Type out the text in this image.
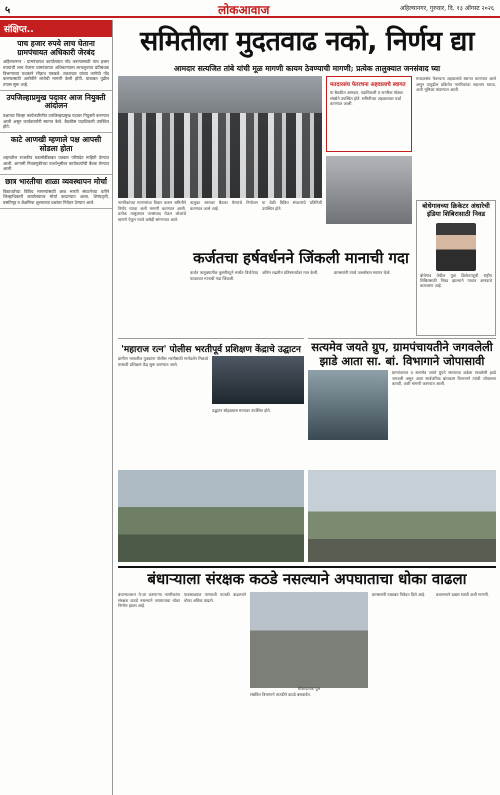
५	लोकआवाज	अहिल्यानगर, गुरुवार, दि. १३ ऑगस्ट २०२६
संक्षिप्त..
पाच हजार रुपये लाच घेताना ग्रामपंचायत अधिकारी जेरबंद
अहिल्यानगर : ग्रामपंचायत कार्यालयात नोंद करण्यासाठी पाच हजार रुपयांची लाच घेताना ग्रामपंचायत अधिकाऱ्याला लाचलुचपत प्रतिबंधक विभागाच्या पथकाने रंगेहाथ पकडले. तक्रारदार यांच्या जागेची नोंद करण्यासाठी आरोपीने लाचेची मागणी केली होती. याबाबत पुढील तपास सुरू आहे.
उपजिल्हाप्रमुख पदावर आज नियुक्ती आंदोलन
पक्षाच्या जिल्हा कार्यकारिणीत उपजिल्हाप्रमुख पदावर नियुक्ती करण्यात आली असून कार्यकर्त्यांनी स्वागत केले. बैठकीस पदाधिकारी उपस्थित होते.
काटे आणखी म्हणाले पक्ष आपसी सोडला होता
शहरातील राजकीय घडामोडींबाबत पत्रकार परिषदेत माहिती देण्यात आली. आगामी निवडणुकीच्या पार्श्वभूमीवर कार्यकर्त्यांची बैठक घेण्यात आली.
छात्र भारतीचा शाळा व्यवस्थापन मोर्चा
विद्यार्थ्यांच्या विविध मागण्यांसाठी छात्र भारती संघटनेच्या वतीने जिल्हाधिकारी कार्यालयावर मोर्चा काढण्यात आला. शिष्यवृत्ती, वसतिगृह व शैक्षणिक शुल्काच्या प्रश्नांवर निवेदन देण्यात आले.
समितीला मुदतवाढ नको, निर्णय द्या
आमदार सत्यजित तांबे यांची मूळ मागणी कायम ठेवण्याची मागणी; प्रत्येक तालुक्यात जनसंवाद घ्या
मतदारसंघ फेररचना अहवालाचे स्वागत
या बैठकीत आमदार, पदाधिकारी व नागरिक मोठ्या संख्येने उपस्थित होते. समितीच्या अहवालावर चर्चा करण्यात आली.
मतदारसंघ फेररचना अहवालाचे स्वागत करण्यात आले असून यापुढील प्रक्रियेत नागरिकांचा सहभाग घ्यावा, अशी भूमिका मांडण्यात आली.
नागरिकांच्या मागण्यांचा विचार करून समितीने निर्णय घ्यावा अशी मागणी करण्यात आली. प्रत्येक तालुक्यात जनसंवाद घेऊन लोकांचे म्हणणे ऐकून घ्यावे असेही सांगण्यात आले.
तालुका स्तरावर बैठका घेण्याचे नियोजन करण्यात आले आहे.
या वेळी विविध संघटनांचे प्रतिनिधी उपस्थित होते.
कर्जतचा हर्षवर्धनने जिंकली मानाची गदा
कर्जत तालुक्यातील कुस्तीपटूने स्पर्धेत विजेतेपद पटकावत मानाची गदा जिंकली.
अंतिम लढतीत प्रतिस्पर्ध्यावर मात केली.	ग्रामस्थांनी त्याचे जल्लोषात स्वागत केले.
बोधेगावच्या क्रिकेटर अंधारेची इंडिया शिबिरासाठी निवड
बोधेगाव येथील युवा क्रिकेटपटूची राष्ट्रीय शिबिरासाठी निवड झाल्याने गावात आनंदाचे वातावरण आहे.
'महाराज रत्न' पोलीस भरतीपूर्व प्रशिक्षण केंद्राचे उद्घाटन
ग्रामीण भागातील युवकांना पोलीस भरतीसाठी मार्गदर्शन मिळावे यासाठी प्रशिक्षण केंद्र सुरू करण्यात आले.
उद्घाटन सोहळ्यास मान्यवर उपस्थित होते.
सत्यमेव जयते ग्रुप, ग्रामपंचायतीने जगवलेली झाडे आता सा. बां. विभागाने जोपासावी
ग्रामपंचायत व सत्यमेव जयते ग्रुपने रस्त्याच्या कडेला लावलेली झाडे जगवली असून आता सार्वजनिक बांधकाम विभागाने त्यांची जोपासना करावी, अशी मागणी करण्यात आली.
बंधाऱ्याला संरक्षक कठडे नसल्याने अपघाताचा धोका वाढला
बंधाऱ्यावरून ये-जा करणाऱ्या नागरिकांना संरक्षक कठडे नसल्याने अपघाताचा धोका निर्माण झाला आहे.
पावसाळ्यात पाण्याची पातळी वाढल्याने धोका अधिक वाढतो.
संबंधित विभागाने तातडीने कठडे बसवावेत.
ग्रामस्थांनी याबाबत निवेदन दिले आहे.	प्रशासनाने दखल घ्यावी अशी मागणी.
धोकादायक पूल
